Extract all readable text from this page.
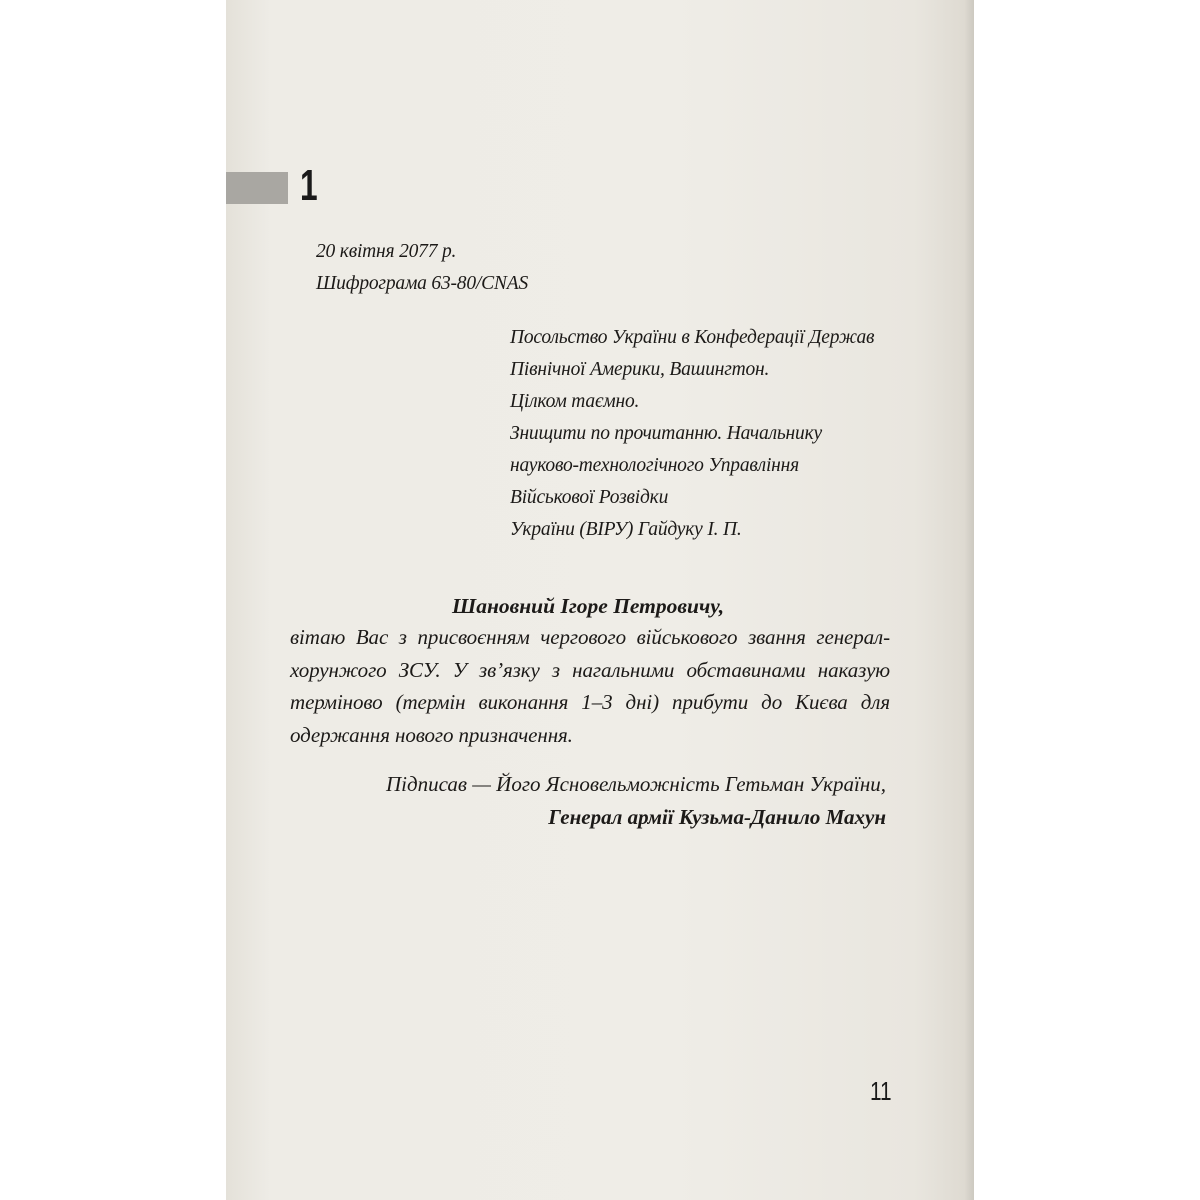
1
20 квітня 2077 р.
Шифрограма 63-80/CNAS
Посольство України в Конфедерації Держав
Північної Америки, Вашингтон.
Цілком таємно.
Знищити по прочитанню. Начальнику
науково-технологічного Управління
Військової Розвідки
України (ВІРУ) Гайдуку І. П.
Шановний Ігоре Петровичу,
вітаю Вас з присвоєнням чергового військового звання генерал-
хорунжого ЗСУ. У зв’язку з нагальними обставинами наказую
терміново (термін виконання 1–3 дні) прибути до Києва для
одержання нового призначення.
Підписав — Його Ясновельможність Гетьман України,
Генерал армії Кузьма-Данило Махун
11
